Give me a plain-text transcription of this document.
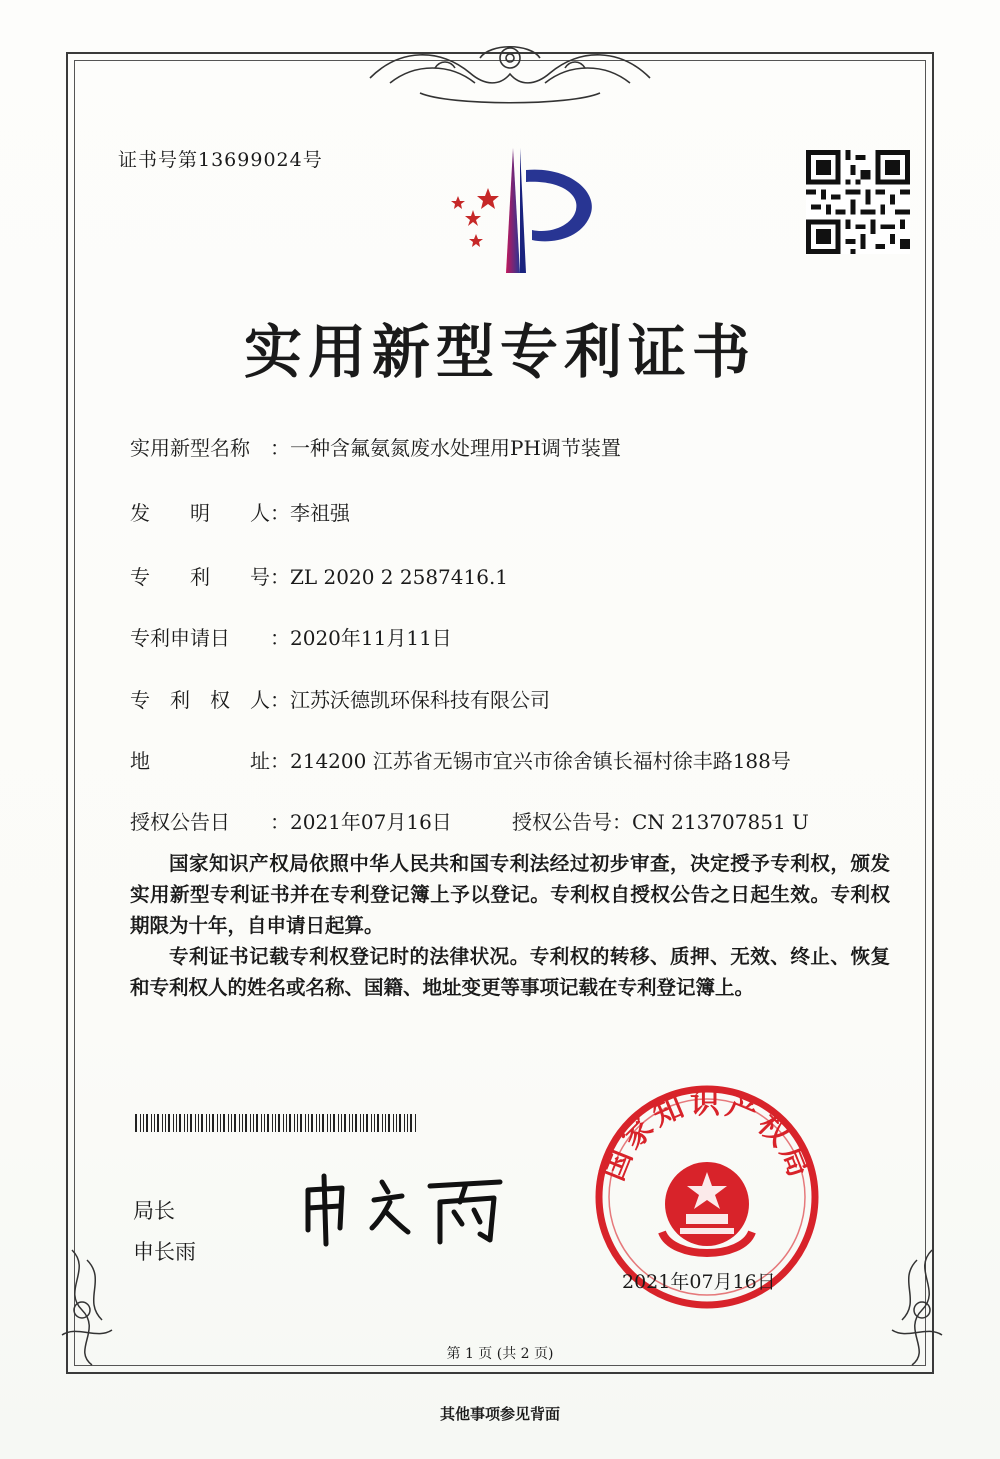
证书号第13699024号
实用新型专利证书
实用新型名称 ：一种含氟氨氮废水处理用PH调节装置
发　　明　　人：李祖强
专　　利　　号：ZL 2020 2 2587416.1
专利申请日 ：2020年11月11日
专　利　权　人：江苏沃德凯环保科技有限公司
地　　　　　址：214200 江苏省无锡市宜兴市徐舍镇长福村徐丰路188号
授权公告日 ：2021年07月16日	授权公告号：CN 213707851 U

国家知识产权局依照中华人民共和国专利法经过初步审查，决定授予专利权，颁发实用新型专利证书并在专利登记簿上予以登记。专利权自授权公告之日起生效。专利权期限为十年，自申请日起算。

专利证书记载专利权登记时的法律状况。专利权的转移、质押、无效、终止、恢复和专利权人的姓名或名称、国籍、地址变更等事项记载在专利登记簿上。

局长
申长雨
国家知识产权局
2021年07月16日
第 1 页 (共 2 页)
其他事项参见背面
